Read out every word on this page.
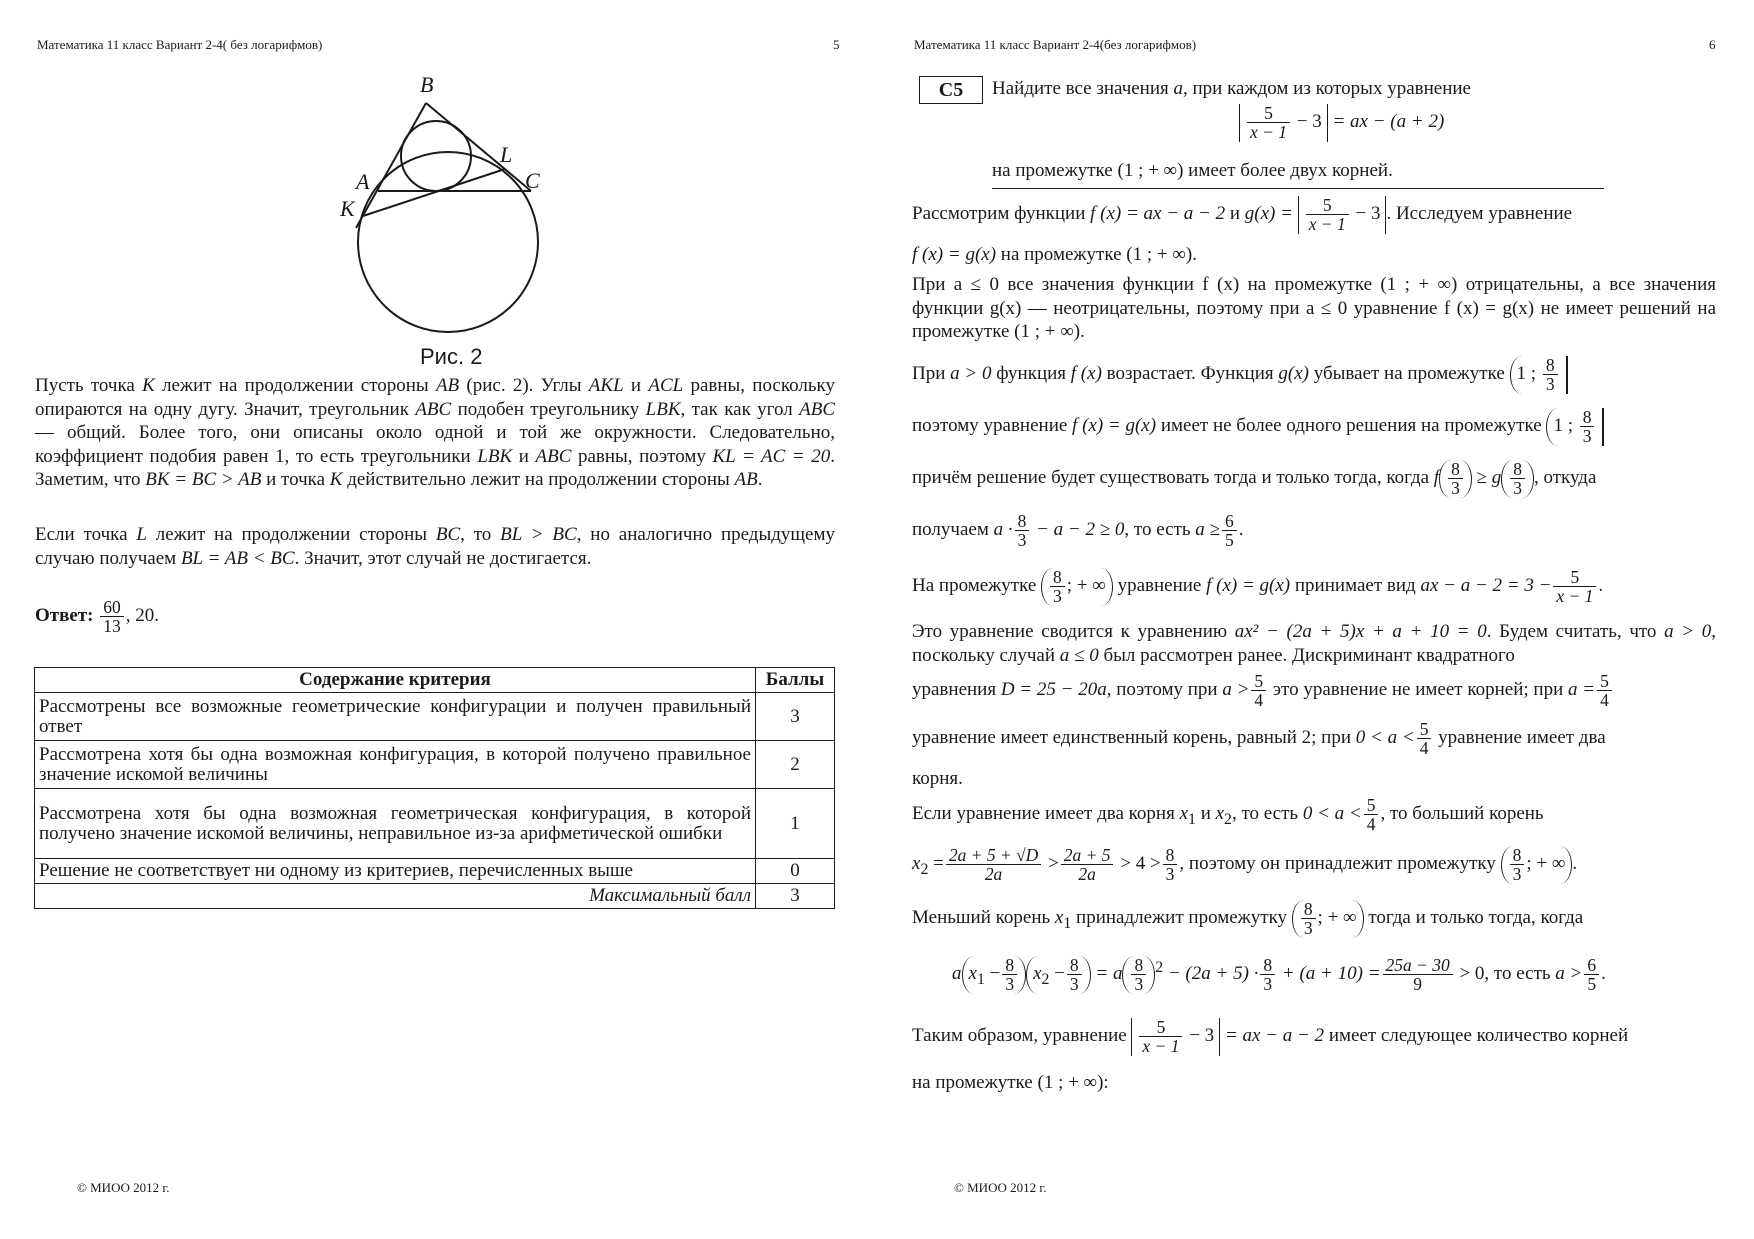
Математика 11 класс Вариант 2-4( без логарифмов)	5
B
A
K
L
C
Рис. 2

Пусть точка K лежит на продолжении стороны AB (рис. 2). Углы AKL и ACL равны, поскольку опираются на одну дугу. Значит, треугольник ABC подобен треугольнику LBK, так как угол ABC — общий. Более того, они описаны около одной и той же окружности. Следовательно, коэффициент подобия равен 1, то есть треугольники LBK и ABC равны, поэтому KL = AC = 20. Заметим, что BK = BC > AB и точка K действительно лежит на продолжении стороны AB.

Если точка L лежит на продолжении стороны BC, то BL > BC, но аналогично предыдущему случаю получаем BL = AB < BC. Значит, этот случай не достигается.

Ответ: $\frac{60}{13}$ , 20.
Содержание критерия	Баллы
Рассмотрены все возможные геометрические конфигурации и получен правильный ответ	3
Рассмотрена хотя бы одна возможная конфигурация, в которой получено правильное значение искомой величины	2
Рассмотрена хотя бы одна возможная геометрическая конфигурация, в которой получено значение искомой величины, неправильное из-за арифметической ошибки	1
Решение не соответствует ни одному из критериев, перечисленных выше	0
Максимальный балл	3
© МИОО 2012 г.
Математика 11 класс Вариант 2-4(без логарифмов)	6
C5	Найдите все значения a, при каждом из которых уравнение
$\frac{5}{x - 1} - 3$ = ax − (a + 2)
на промежутке (1 ; + ∞) имеет более двух корней.
Рассмотрим функции f (x) = ax − a − 2 и $g(x) = \frac{5}{x - 1} - 3$ . Исследуем уравнение
f (x) = g(x) на промежутке (1 ; + ∞).

При a ≤ 0 все значения функции f (x) на промежутке (1 ; + ∞) отрицательны, а все значения функции g(x) — неотрицательны, поэтому при a ≤ 0 уравнение f (x) = g(x) не имеет решений на промежутке (1 ; + ∞).

При a > 0 функция f (x) возрастает. Функция g(x) убывает на промежутке 1 ; $\frac{8}{3}$
поэтому уравнение f (x) = g(x) имеет не более одного решения на промежутке 1 ; $\frac{8}{3}$
причём решение будет существовать тогда и только тогда, когда f $\frac{8}{3} \ge g \frac{8}{3}$ , откуда
получаем $a \cdot \frac{8}{3} - a - 2 \ge 0$, то есть $a \ge \frac{6}{5}$ .
На промежутке $\frac{8}{3}$ ; + ∞ уравнение f (x) = g(x) принимает вид ax − $a - 2 = 3 - \frac{5}{x - 1}$ .

Это уравнение сводится к уравнению ax² − (2a + 5)x + a + 10 = 0. Будем считать, что a > 0, поскольку случай a ≤ 0 был рассмотрен ранее. Дискриминант квадратного

уравнения D = 25 − 20a, поэтому при $a > \frac{5}{4}$ это уравнение не имеет корней; при $a = \frac{5}{4}$
уравнение имеет единственный корень, равный 2; при $0 < a < \frac{5}{4}$ уравнение имеет два
корня.
Если уравнение имеет два корня $x_1$ и $x_2$, то есть $0 < a < \frac{5}{4}$ , то больший корень
$x_2 = \frac{2a + 5 + √D}{2a} > \frac{2a + 5}{2a} > 4 > \frac{8}{3}$ , поэтому он принадлежит промежутку $\frac{8}{3}$ ; + ∞ .
Меньший корень $x_1$ принадлежит промежутку $\frac{8}{3}$ ; + ∞ тогда и только тогда, когда
a $x_1 - \frac{8}{3} x_2 - \frac{8}{3} = a \frac{8}{3} ^2 - (2a + 5) \cdot \frac{8}{3} + (a + 10) = \frac{25a - 30}{9} > 0$, то есть $a > \frac{6}{5}$ .
Таким образом, уравнение $\frac{5}{x - 1} - 3$ = ax − a − 2 имеет следующее количество корней
на промежутке (1 ; + ∞):
© МИОО 2012 г.
